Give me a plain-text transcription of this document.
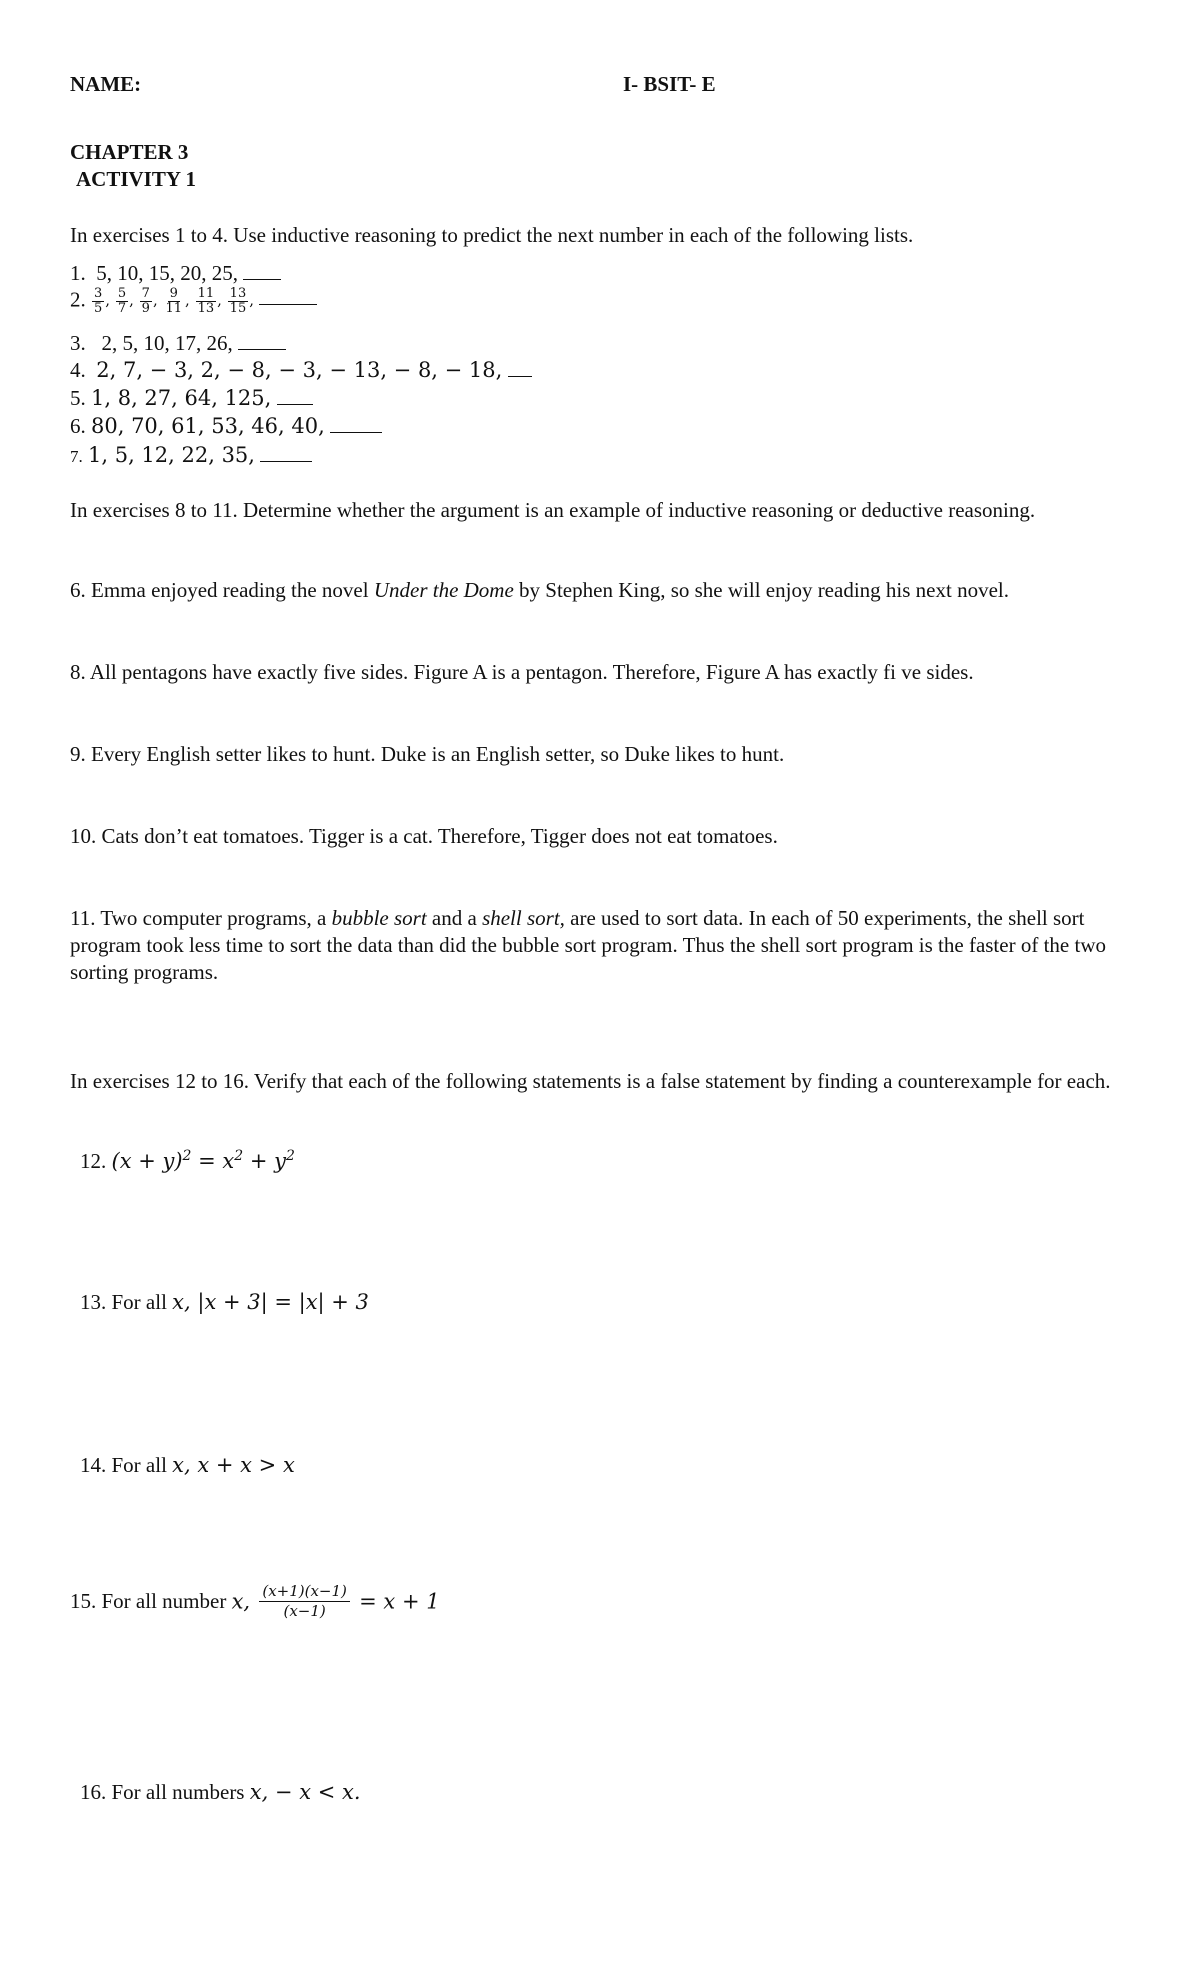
NAME:	I- BSIT- E
CHAPTER 3
ACTIVITY 1
In exercises 1 to 4. Use inductive reasoning to predict the next number in each of the following lists.
1. 5, 10, 15, 20, 25,
2. $\frac{3}{5}$ , $\frac{5}{7}$ , $\frac{7}{9}$ , $\frac{9}{11}$ , $\frac{11}{13}$ , $\frac{13}{15}$ ,
3. 2, 5, 10, 17, 26,
4. 2, 7, − 3, 2, − 8, − 3, − 13, − 8, − 18,
5. 1, 8, 27, 64, 125,
6. 80, 70, 61, 53, 46, 40,
7. 1, 5, 12, 22, 35,
In exercises 8 to 11. Determine whether the argument is an example of inductive reasoning or deductive reasoning.
6. Emma enjoyed reading the novel Under the Dome by Stephen King, so she will enjoy reading his next novel.
8. All pentagons have exactly five sides. Figure A is a pentagon. Therefore, Figure A has exactly fi ve sides.
9. Every English setter likes to hunt. Duke is an English setter, so Duke likes to hunt.
10. Cats don’t eat tomatoes. Tigger is a cat. Therefore, Tigger does not eat tomatoes.
11. Two computer programs, a bubble sort and a shell sort, are used to sort data. In each of 50 experiments, the shell sort program took less time to sort the data than did the bubble sort program. Thus the shell sort program is the faster of the two sorting programs.
In exercises 12 to 16. Verify that each of the following statements is a false statement by finding a counterexample for each.
12. $(x + y)^2 = x^2 + y^2$
13. For all x, |x + 3| = |x| + 3
14. For all x, x + x > x
15. For all number x, $\frac{(x+1)(x-1)}{(x-1)} = x + 1$
16. For all numbers x, − x < x.
